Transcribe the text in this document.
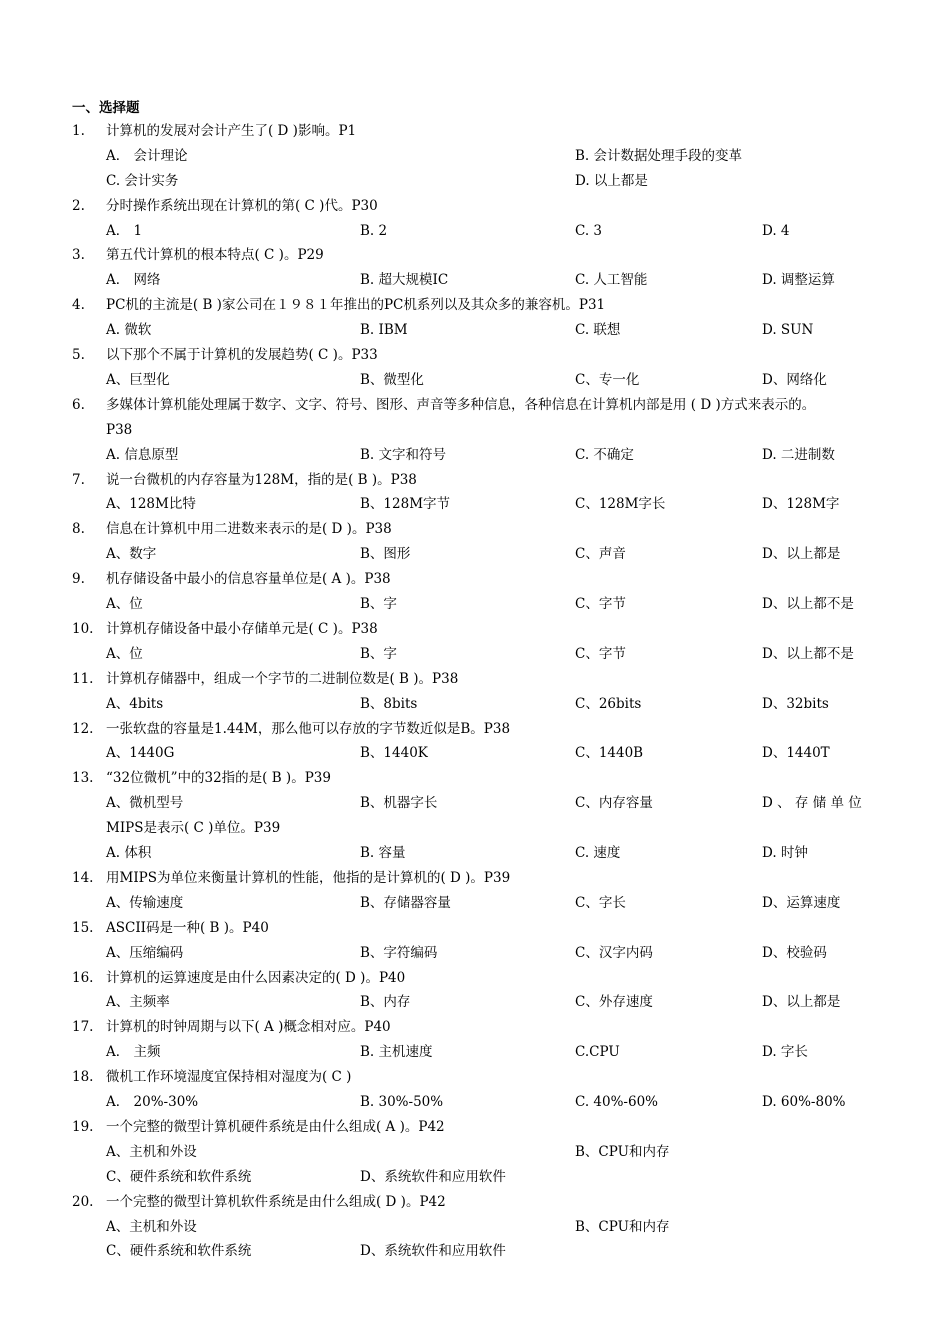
一、选择题
1. 计算机的发展对会计产生了( D )影响。P1
A． 会计理论	B. 会计数据处理手段的变革
C. 会计实务	D. 以上都是
2. 分时操作系统出现在计算机的第( C )代。P30
A． 1	B. 2	C. 3	D. 4
3. 第五代计算机的根本特点( C )。P29
A． 网络	B. 超大规模IC	C. 人工智能	D. 调整运算
4. PC机的主流是( B )家公司在１９８１年推出的PC机系列以及其众多的兼容机。P31
A. 微软	B. IBM	C. 联想	D. SUN
5. 以下那个不属于计算机的发展趋势( C )。P33
A、巨型化	B、微型化	C、专一化	D、网络化
6. 多媒体计算机能处理属于数字、文字、符号、图形、声音等多种信息，各种信息在计算机内部是用 ( D )方式来表示的。
P38
A. 信息原型	B. 文字和符号	C. 不确定	D. 二进制数
7. 说一台微机的内存容量为128M，指的是( B )。P38
A、128M比特	B、128M字节	C、128M字长	D、128M字
8. 信息在计算机中用二进数来表示的是( D )。P38
A、数字	B、图形	C、声音	D、以上都是
9. 机存储设备中最小的信息容量单位是( A )。P38
A、位	B、字	C、字节	D、以上都不是
10. 计算机存储设备中最小存储单元是( C )。P38
A、位	B、字	C、字节	D、以上都不是
11. 计算机存储器中，组成一个字节的二进制位数是( B )。P38
A、4bits	B、8bits	C、26bits	D、32bits
12. 一张软盘的容量是1.44M，那么他可以存放的字节数近似是B。P38
A、1440G	B、1440K	C、1440B	D、1440T
13. “32位微机”中的32指的是( B )。P39
A、微机型号	B、机器字长	C、内存容量	D 、 存 储 单 位
MIPS是表示( C )单位。P39
A. 体积	B. 容量	C. 速度	D. 时钟
14. 用MIPS为单位来衡量计算机的性能，他指的是计算机的( D )。P39
A、传输速度	B、存储器容量	C、字长	D、运算速度
15. ASCII码是一种( B )。P40
A、压缩编码	B、字符编码	C、汉字内码	D、校验码
16. 计算机的运算速度是由什么因素决定的( D )。P40
A、主频率	B、内存	C、外存速度	D、以上都是
17. 计算机的时钟周期与以下( A )概念相对应。P40
A． 主频	B. 主机速度	C.CPU	D. 字长
18. 微机工作环境湿度宜保持相对湿度为( C )
A． 20%-30%	B. 30%-50%	C. 40%-60%	D. 60%-80%
19. 一个完整的微型计算机硬件系统是由什么组成( A )。P42
A、主机和外设	B、CPU和内存
C、硬件系统和软件系统	D、系统软件和应用软件
20. 一个完整的微型计算机软件系统是由什么组成( D )。P42
A、主机和外设	B、CPU和内存
C、硬件系统和软件系统	D、系统软件和应用软件
